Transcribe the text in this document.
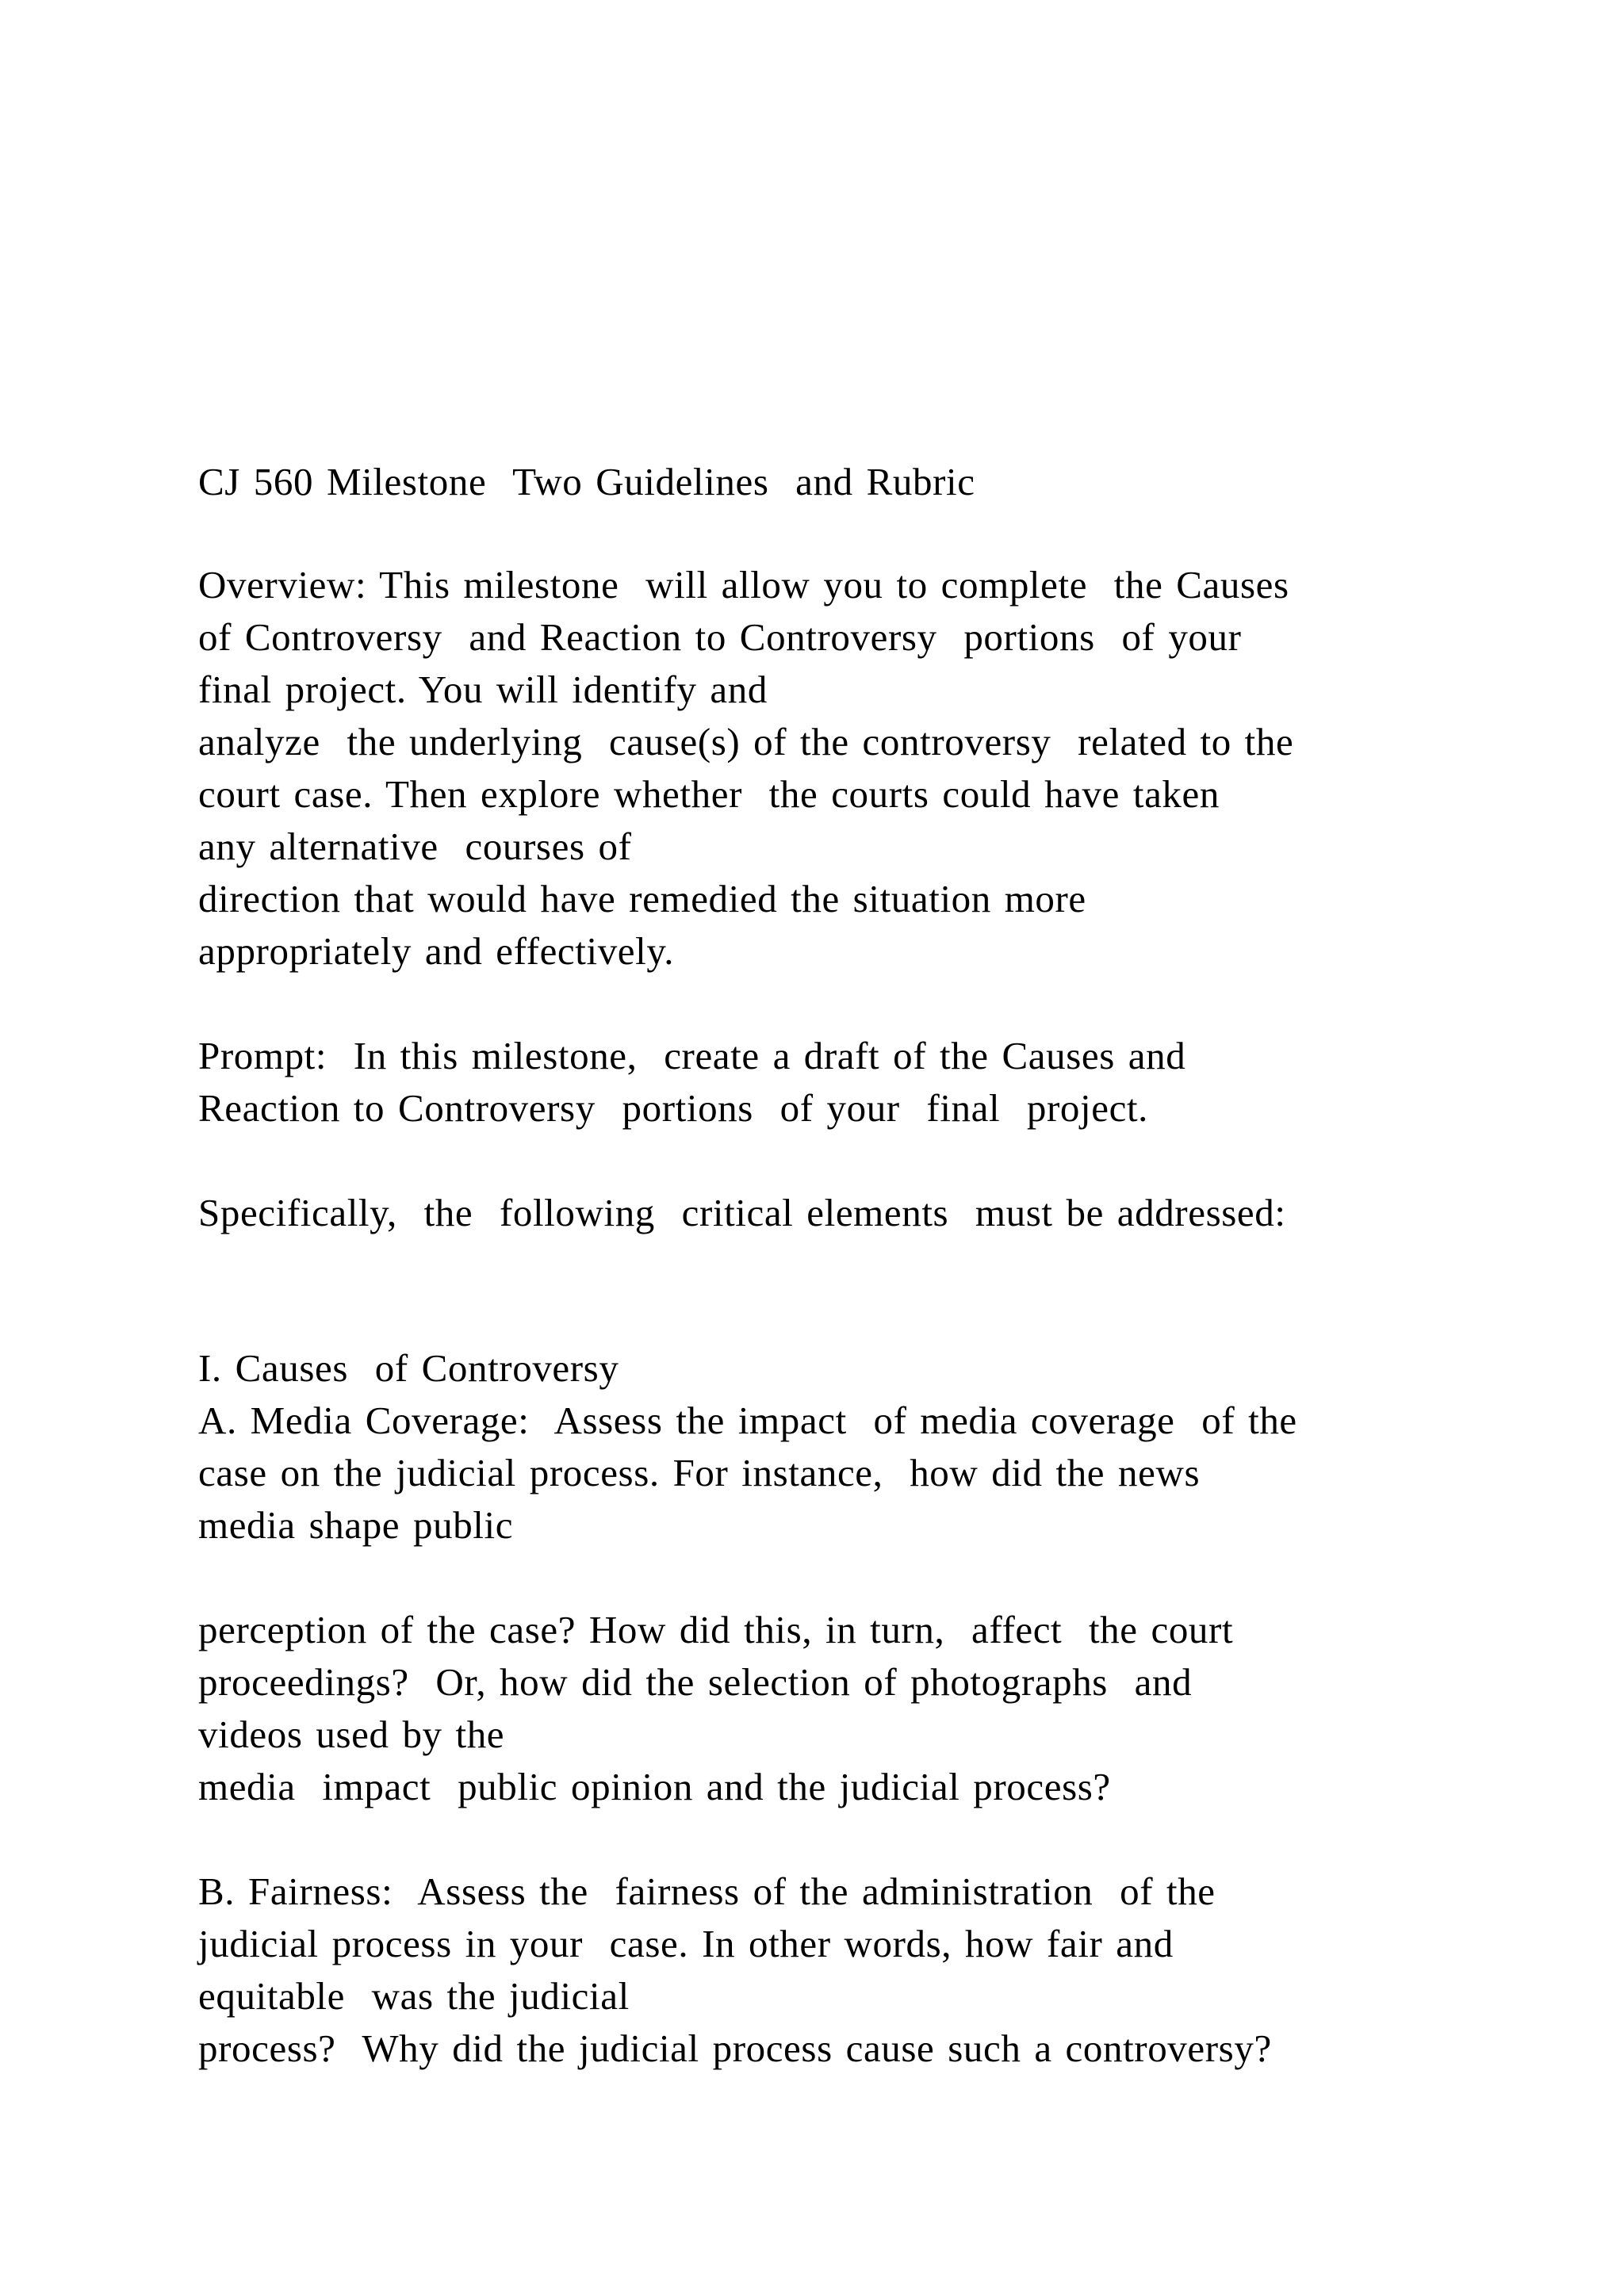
CJ 560 Milestone  Two Guidelines  and Rubric
Overview: This milestone  will allow you to complete  the Causes
of Controversy  and Reaction to Controversy  portions  of your
final project. You will identify and
analyze  the underlying  cause(s) of the controversy  related to the
court case. Then explore whether  the courts could have taken
any alternative  courses of
direction that would have remedied the situation more
appropriately and effectively.
Prompt:  In this milestone,  create a draft of the Causes and
Reaction to Controversy  portions  of your  final  project.
Specifically,  the  following  critical elements  must be addressed:
I. Causes  of Controversy
A. Media Coverage:  Assess the impact  of media coverage  of the
case on the judicial process. For instance,  how did the news
media shape public
perception of the case? How did this, in turn,  affect  the court
proceedings?  Or, how did the selection of photographs  and
videos used by the
media  impact  public opinion and the judicial process?
B. Fairness:  Assess the  fairness of the administration  of the
judicial process in your  case. In other words, how fair and
equitable  was the judicial
process?  Why did the judicial process cause such a controversy?
